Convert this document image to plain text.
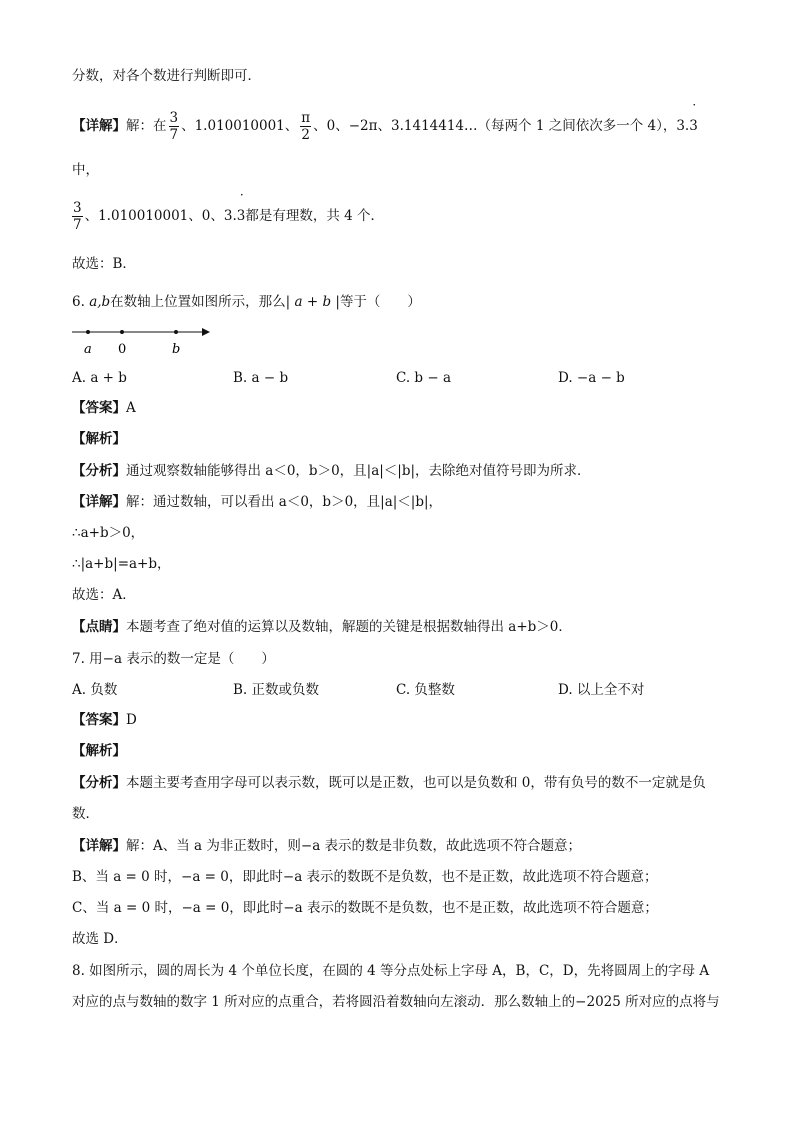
分数，对各个数进行判断即可．
【详解】解：在 $\frac{3}{7}$ 、1.010010001、 $\frac{\pi}{2}$ 、0、−2π、3.1414414…（每两个 1 之间依次多一个 4），3.3
·
中，
$\frac{3}{7}$ 、1.010010001、0、3.3
·
都是有理数，共 4 个．
故选：B．
6. a,b在数轴上位置如图所示，那么| a + b |等于（　　）
a 0	b
A. a + b	B. a − b	C. b − a	D. −a − b
【答案】A
【解析】
【分析】通过观察数轴能够得出 a＜0，b＞0，且|a|＜|b|，去除绝对值符号即为所求．
【详解】解：通过数轴，可以看出 a＜0，b＞0，且|a|＜|b|，
∴a+b＞0，
∴|a+b|=a+b，
故选：A．
【点睛】本题考查了绝对值的运算以及数轴，解题的关键是根据数轴得出 a+b＞0．
7. 用−a 表示的数一定是（　　）
A. 负数	B. 正数或负数	C. 负整数	D. 以上全不对
【答案】D
【解析】
【分析】本题主要考查用字母可以表示数，既可以是正数，也可以是负数和 0，带有负号的数不一定就是负
数．
【详解】解：A、当 a 为非正数时，则−a 表示的数是非负数，故此选项不符合题意；
B、当 a = 0 时，−a = 0，即此时−a 表示的数既不是负数，也不是正数，故此选项不符合题意；
C、当 a = 0 时，−a = 0，即此时−a 表示的数既不是负数，也不是正数，故此选项不符合题意；
故选 D．
8. 如图所示，圆的周长为 4 个单位长度，在圆的 4 等分点处标上字母 A，B，C，D，先将圆周上的字母 A
对应的点与数轴的数字 1 所对应的点重合，若将圆沿着数轴向左滚动．那么数轴上的−2025 所对应的点将与
